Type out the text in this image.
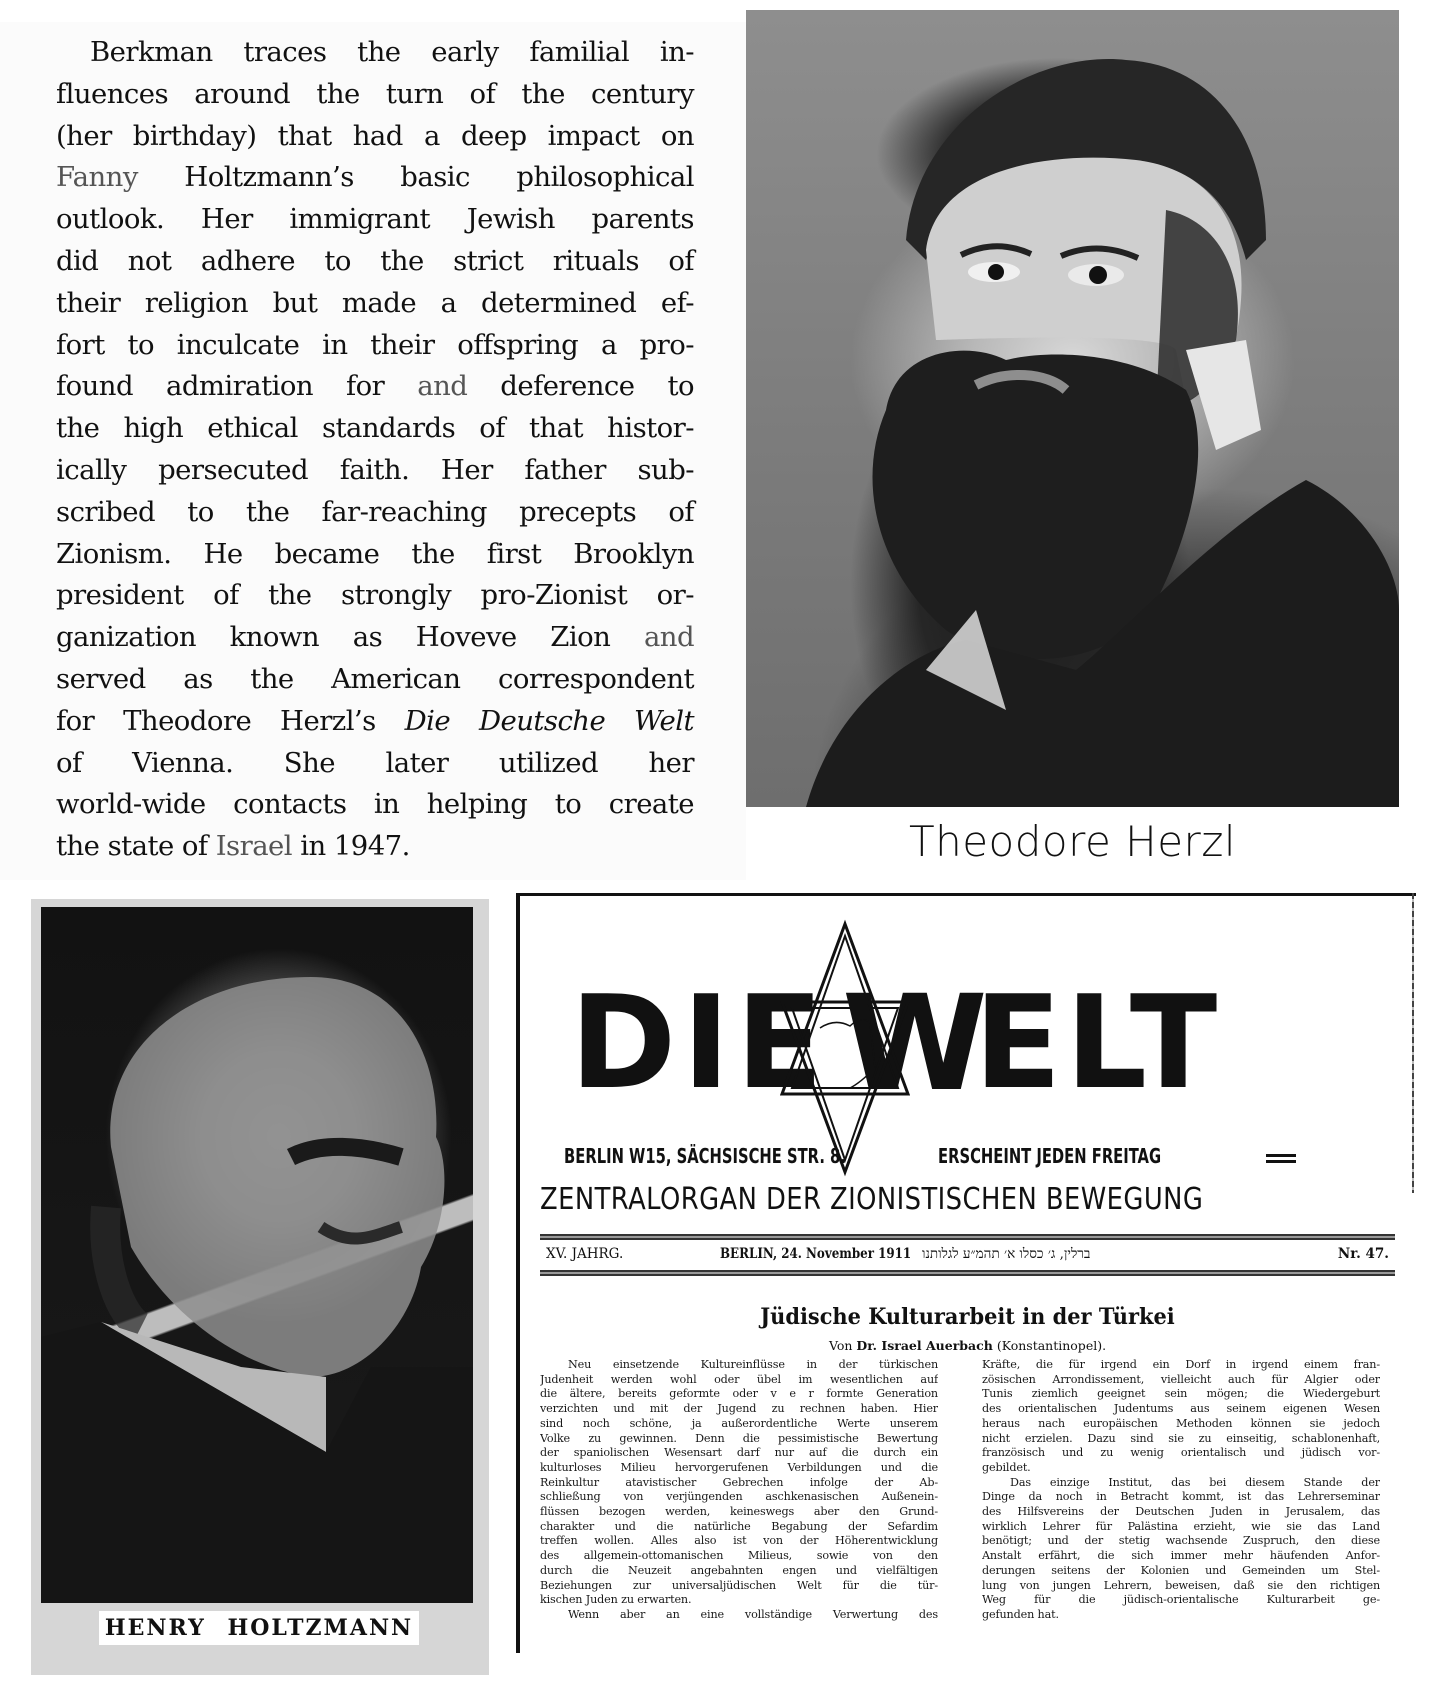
Berkman traces the early familial in-
fluences around the turn of the century
(her birthday) that had a deep impact on
Fanny Holtzmann’s basic philosophical
outlook. Her immigrant Jewish parents
did not adhere to the strict rituals of
their religion but made a determined ef-
fort to inculcate in their offspring a pro-
found admiration for and deference to
the high ethical standards of that histor-
ically persecuted faith. Her father sub-
scribed to the far-reaching precepts of
Zionism. He became the first Brooklyn
president of the strongly pro-Zionist or-
ganization known as Hoveve Zion and
served as the American correspondent
for Theodore Herzl’s Die Deutsche Welt
of Vienna. She later utilized her
world-wide contacts in helping to create
the state of Israel in 1947.	Theodore Herzl
HENRY HOLTZMANN
DIE W
ELT
BERLIN W15, SÄCHSISCHE STR. 8.	ERSCHEINT JEDEN FREITAG
ZENTRALORGAN DER ZIONISTISCHEN BEWEGUNG
XV. JAHRG.	BERLIN, 24. November 1911 ברלין, ג׳ כסלו א׳ תהמ״ע לגלותנו	Nr. 47.
Jüdische Kulturarbeit in der Türkei
Von Dr. Israel Auerbach (Konstantinopel).
Neu einsetzende Kultureinflüsse in der türkischen
Judenheit werden wohl oder übel im wesentlichen auf
die ältere, bereits geformte oder v e r formte Generation
verzichten und mit der Jugend zu rechnen haben. Hier
sind noch schöne, ja außerordentliche Werte unserem
Volke zu gewinnen. Denn die pessimistische Bewertung
der spaniolischen Wesensart darf nur auf die durch ein
kulturloses Milieu hervorgerufenen Verbildungen und die
Reinkultur atavistischer Gebrechen infolge der Ab-
schließung von verjüngenden aschkenasischen Außenein-
flüssen bezogen werden, keineswegs aber den Grund-
charakter und die natürliche Begabung der Sefardim
treffen wollen. Alles also ist von der Höherentwicklung
des allgemein-ottomanischen Milieus, sowie von den
durch die Neuzeit angebahnten engen und vielfältigen
Beziehungen zur universaljüdischen Welt für die tür-
kischen Juden zu erwarten.
Wenn aber an eine vollständige Verwertung des
Kräfte, die für irgend ein Dorf in irgend einem fran-
zösischen Arrondissement, vielleicht auch für Algier oder
Tunis ziemlich geeignet sein mögen; die Wiedergeburt
des orientalischen Judentums aus seinem eigenen Wesen
heraus nach europäischen Methoden können sie jedoch
nicht erzielen. Dazu sind sie zu einseitig, schablonenhaft,
französisch und zu wenig orientalisch und jüdisch vor-
gebildet.
Das einzige Institut, das bei diesem Stande der
Dinge da noch in Betracht kommt, ist das Lehrerseminar
des Hilfsvereins der Deutschen Juden in Jerusalem, das
wirklich Lehrer für Palästina erzieht, wie sie das Land
benötigt; und der stetig wachsende Zuspruch, den diese
Anstalt erfährt, die sich immer mehr häufenden Anfor-
derungen seitens der Kolonien und Gemeinden um Stel-
lung von jungen Lehrern, beweisen, daß sie den richtigen
Weg für die jüdisch-orientalische Kulturarbeit ge-
gefunden hat.
